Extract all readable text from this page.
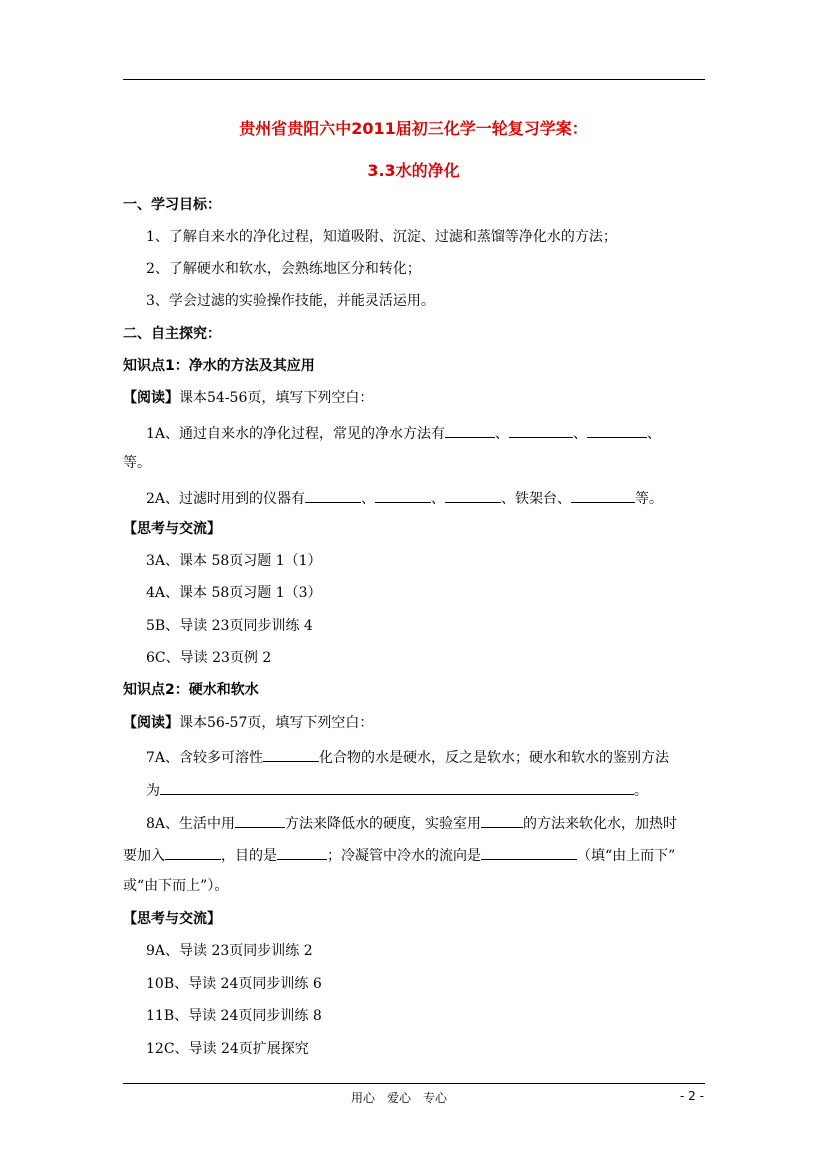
贵州省贵阳六中2011届初三化学一轮复习学案：
3.3水的净化
一、学习目标：
1、了解自来水的净化过程，知道吸附、沉淀、过滤和蒸馏等净化水的方法；
2、了解硬水和软水，会熟练地区分和转化；
3、学会过滤的实验操作技能，并能灵活运用。
二、自主探究：
知识点1：净水的方法及其应用
【阅读】课本54-56页，填写下列空白：
1A、通过自来水的净化过程，常见的净水方法有	、	、	、
等。
2A、过滤时用到的仪器有	、	、	、铁架台、	等。
【思考与交流】
3A、课本 58页习题 1（1）
4A、课本 58页习题 1（3）
5B、导读 23页同步训练 4
6C、导读 23页例 2
知识点2：硬水和软水
【阅读】课本56-57页，填写下列空白：
7A、含较多可溶性	化合物的水是硬水，反之是软水；硬水和软水的鉴别方法
为	。
8A、生活中用	方法来降低水的硬度，实验室用	的方法来软化水，加热时
要加入	，目的是	；冷凝管中冷水的流向是	（填“由上而下”
或“由下而上”）。
【思考与交流】
9A、导读 23页同步训练 2
10B、导读 24页同步训练 6
11B、导读 24页同步训练 8
12C、导读 24页扩展探究
用心　爱心　专心	- 2 -
